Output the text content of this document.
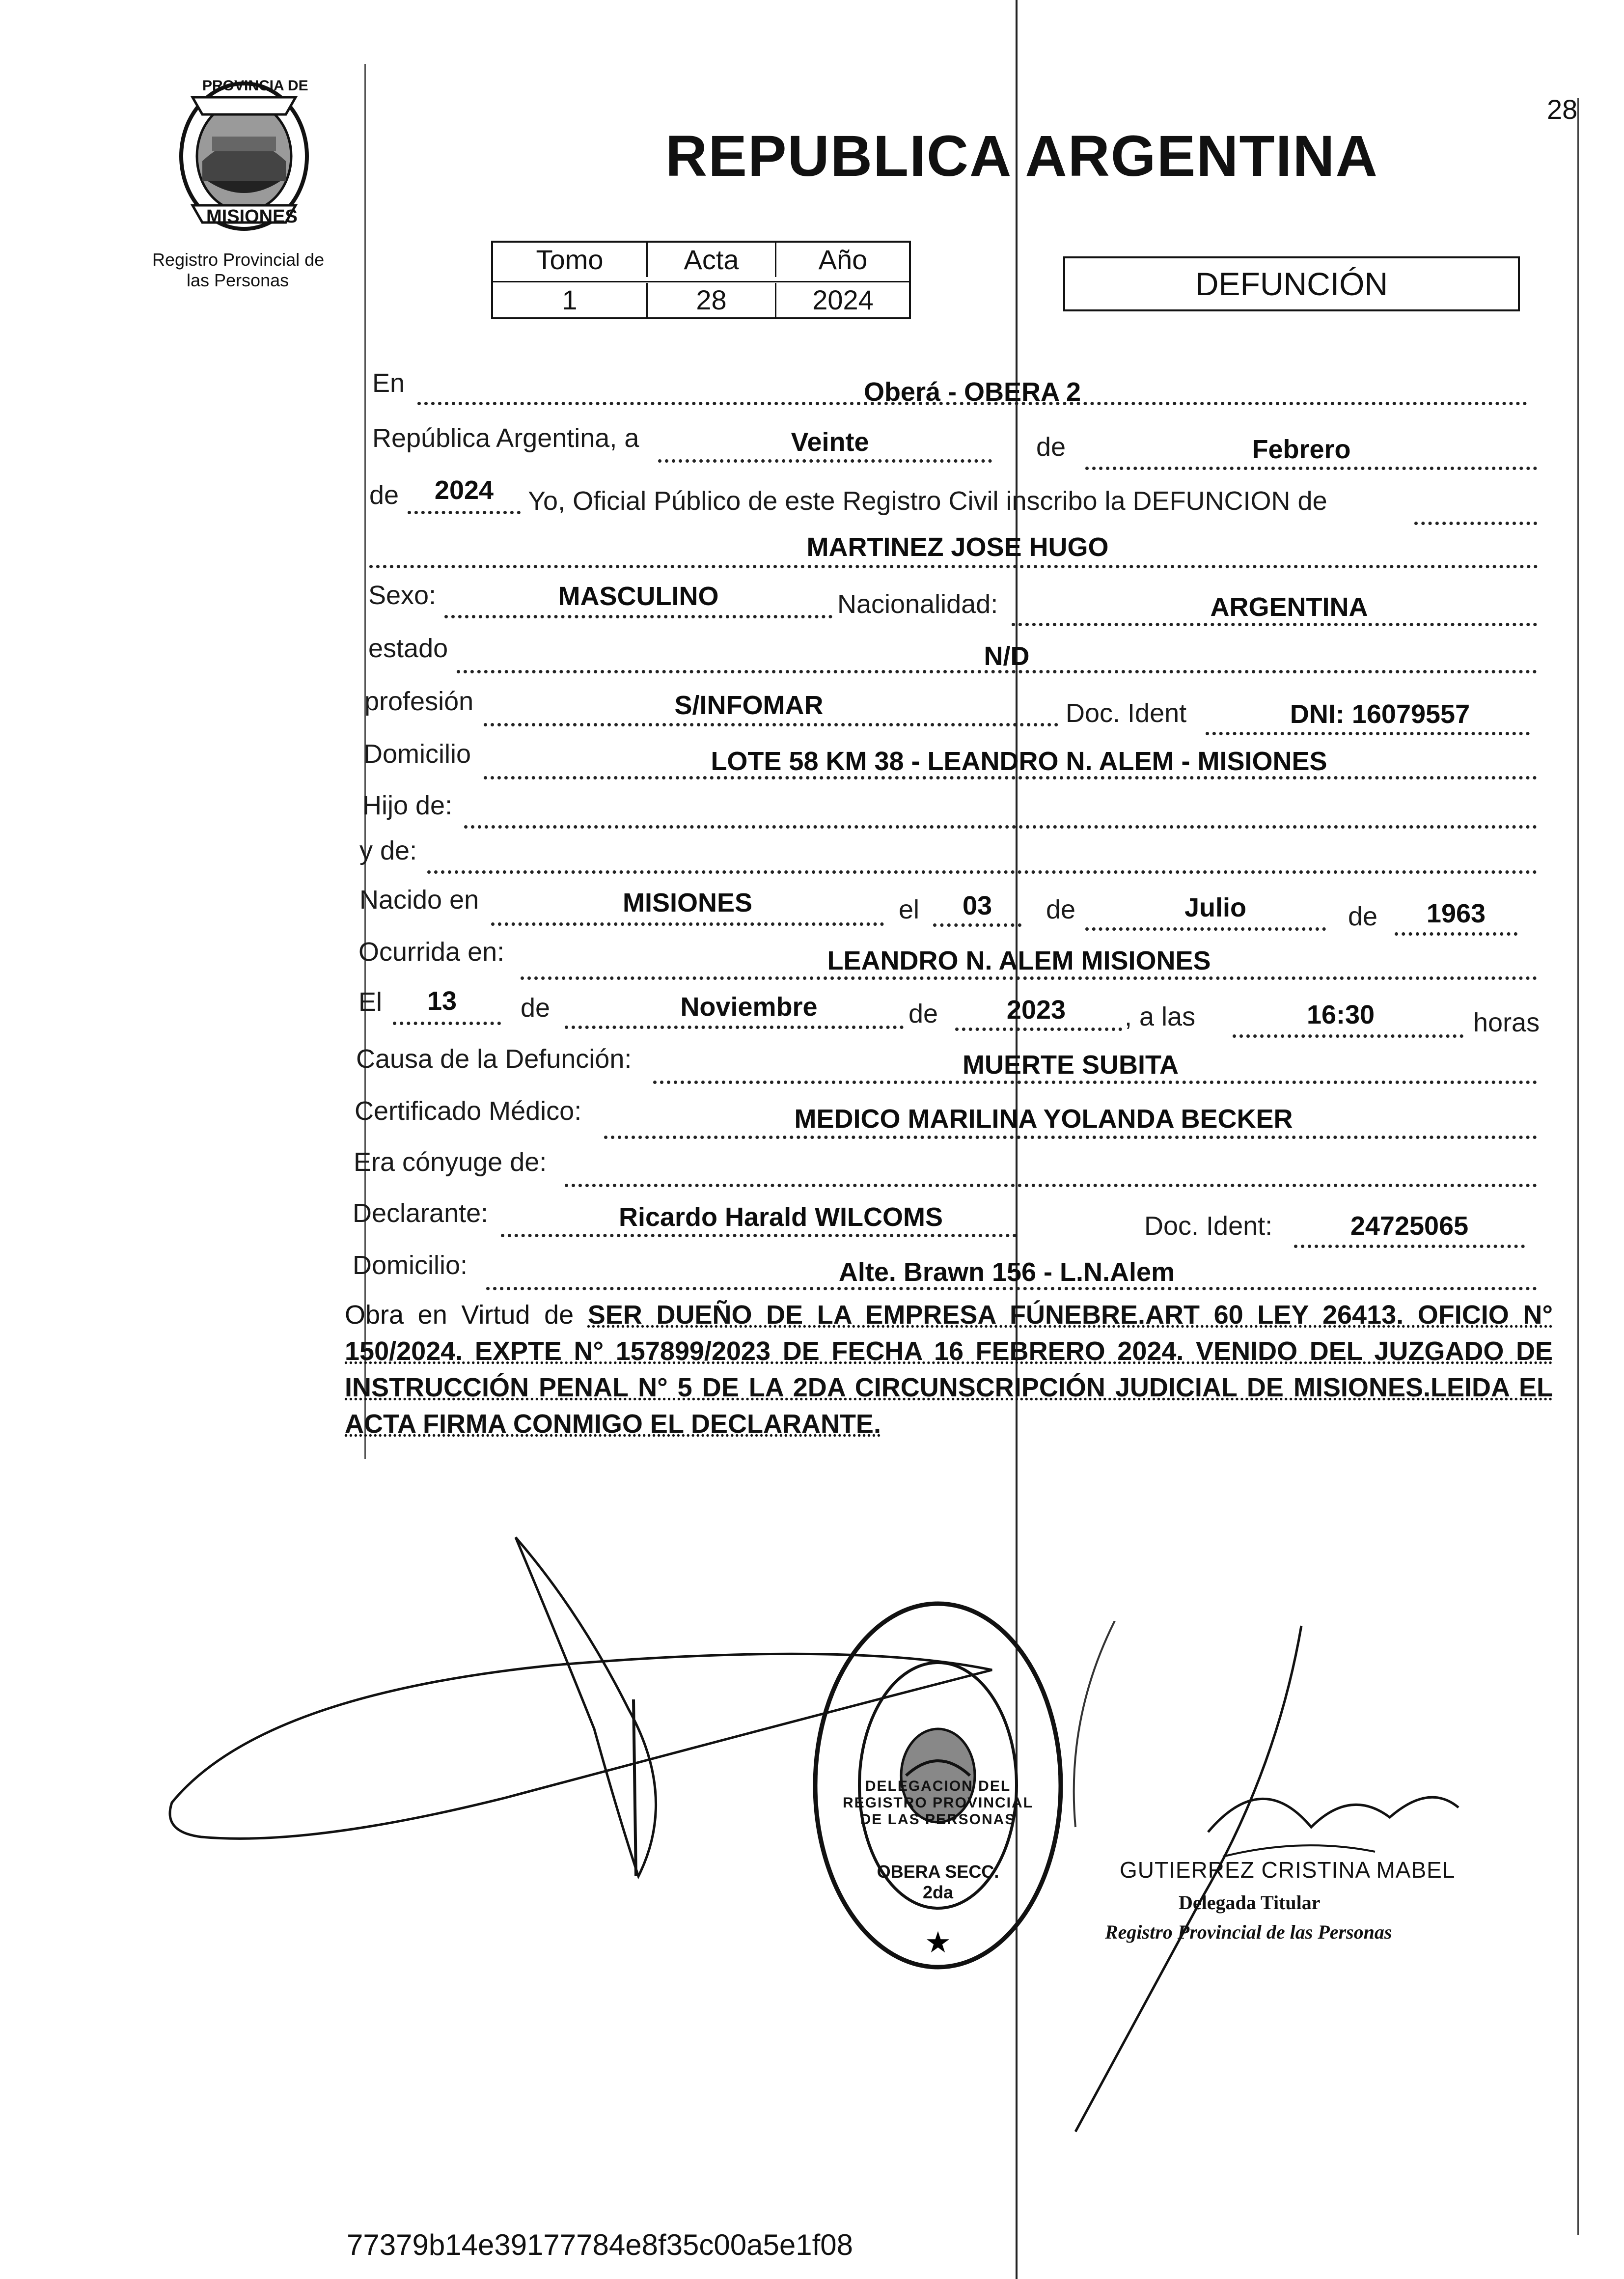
PROVINCIA DE
MISIONES
Registro Provincial de
las Personas
REPUBLICA ARGENTINA
28
Tomo	Acta	Año
1	28	2024	DEFUNCIÓN
En	Oberá - OBERA 2
República Argentina, a	Veinte	de	Febrero
de	2024	Yo, Oficial Público de este Registro Civil inscribo la DEFUNCION de
MARTINEZ JOSE HUGO
Sexo:	MASCULINO	Nacionalidad:	ARGENTINA
estado	N/D
profesión	S/INFOMAR	Doc. Ident	DNI: 16079557
Domicilio	LOTE 58 KM 38 - LEANDRO N. ALEM - MISIONES
Hijo de:
y de:
Nacido en	MISIONES	el	03	de	Julio	de	1963
Ocurrida en:	LEANDRO N. ALEM MISIONES
El	13	de	Noviembre	de	2023	, a las	16:30	horas
Causa de la Defunción:	MUERTE SUBITA
Certificado Médico:	MEDICO MARILINA YOLANDA BECKER
Era cónyuge de:
Declarante:	Ricardo Harald WILCOMS	Doc. Ident:	24725065
Domicilio:	Alte. Brawn 156 - L.N.Alem
Obra en Virtud de SER DUEÑO DE LA EMPRESA FÚNEBRE.ART 60 LEY 26413. OFICIO N° 150/2024. EXPTE N° 157899/2023 DE FECHA 16 FEBRERO 2024. VENIDO DEL JUZGADO DE INSTRUCCIÓN PENAL N° 5 DE LA 2DA CIRCUNSCRIPCIÓN JUDICIAL DE MISIONES.LEIDA EL ACTA FIRMA CONMIGO EL DECLARANTE.
★
DELEGACION DEL REGISTRO PROVINCIAL DE LAS PERSONAS
OBERA SECC. 2da
GUTIERREZ CRISTINA MABEL
Delegada Titular
Registro Provincial de las Personas
77379b14e39177784e8f35c00a5e1f08
